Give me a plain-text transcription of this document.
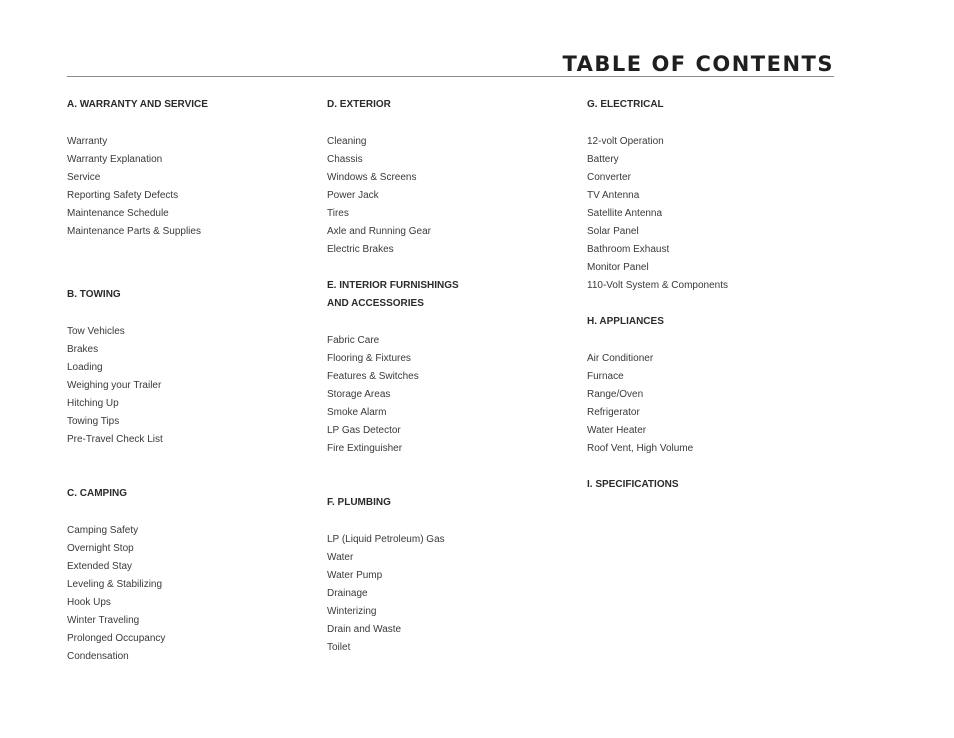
TABLE OF CONTENTS
A. WARRANTY AND SERVICE
Warranty
Warranty Explanation
Service
Reporting Safety Defects
Maintenance Schedule
Maintenance Parts & Supplies
B. TOWING
Tow Vehicles
Brakes
Loading
Weighing your Trailer
Hitching Up
Towing Tips
Pre-Travel Check List
C. CAMPING
Camping Safety
Overnight Stop
Extended Stay
Leveling & Stabilizing
Hook Ups
Winter Traveling
Prolonged Occupancy
Condensation
D. EXTERIOR
Cleaning
Chassis
Windows & Screens
Power Jack
Tires
Axle and Running Gear
Electric Brakes
E. INTERIOR FURNISHINGS
AND ACCESSORIES
Fabric Care
Flooring & Fixtures
Features & Switches
Storage Areas
Smoke Alarm
LP Gas Detector
Fire Extinguisher
F. PLUMBING
LP (Liquid Petroleum) Gas
Water
Water Pump
Drainage
Winterizing
Drain and Waste
Toilet
G. ELECTRICAL
12-volt Operation
Battery
Converter
TV Antenna
Satellite Antenna
Solar Panel
Bathroom Exhaust
Monitor Panel
110-Volt System & Components
H. APPLIANCES
Air Conditioner
Furnace
Range/Oven
Refrigerator
Water Heater
Roof Vent, High Volume
I. SPECIFICATIONS
